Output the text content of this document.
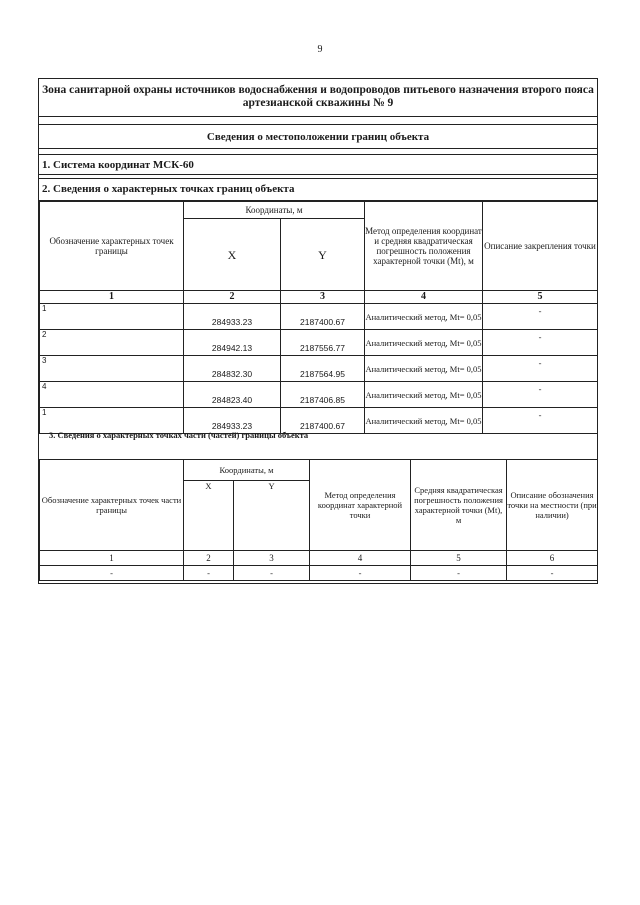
9
Зона санитарной охраны источников водоснабжения и водопроводов питьевого назначения второго пояса артезианской скважины № 9
Сведения о местоположении границ объекта
1. Система координат МСК-60
2. Сведения о характерных точках границ объекта
Обозначение характерных точек границы	Координаты, м		Метод определения координат и средняя квадратическая погрешность положения характерной точки (Mt), м	Описание закрепления точки
	X	Y		
1	2	3	4	5
1	284933.23	2187400.67	Аналитический метод, Mt= 0,05	-
2	284942.13	2187556.77	Аналитический метод, Mt= 0,05	-
3	284832.30	2187564.95	Аналитический метод, Mt= 0,05	-
4	284823.40	2187406.85	Аналитический метод, Mt= 0,05	-
1	284933.23	2187400.67	Аналитический метод, Mt= 0,05	-
3. Сведения о характерных точках части (частей) границы объекта
Обозначение характерных точек части границы	Координаты, м		Метод определения координат характерной точки	Средняя квадратическая погрешность положения характерной точки (Mt), м	Описание обозначения точки на местности (при наличии)
	X	Y			
1	2	3	4	5	6
-	-	-	-	-	-
